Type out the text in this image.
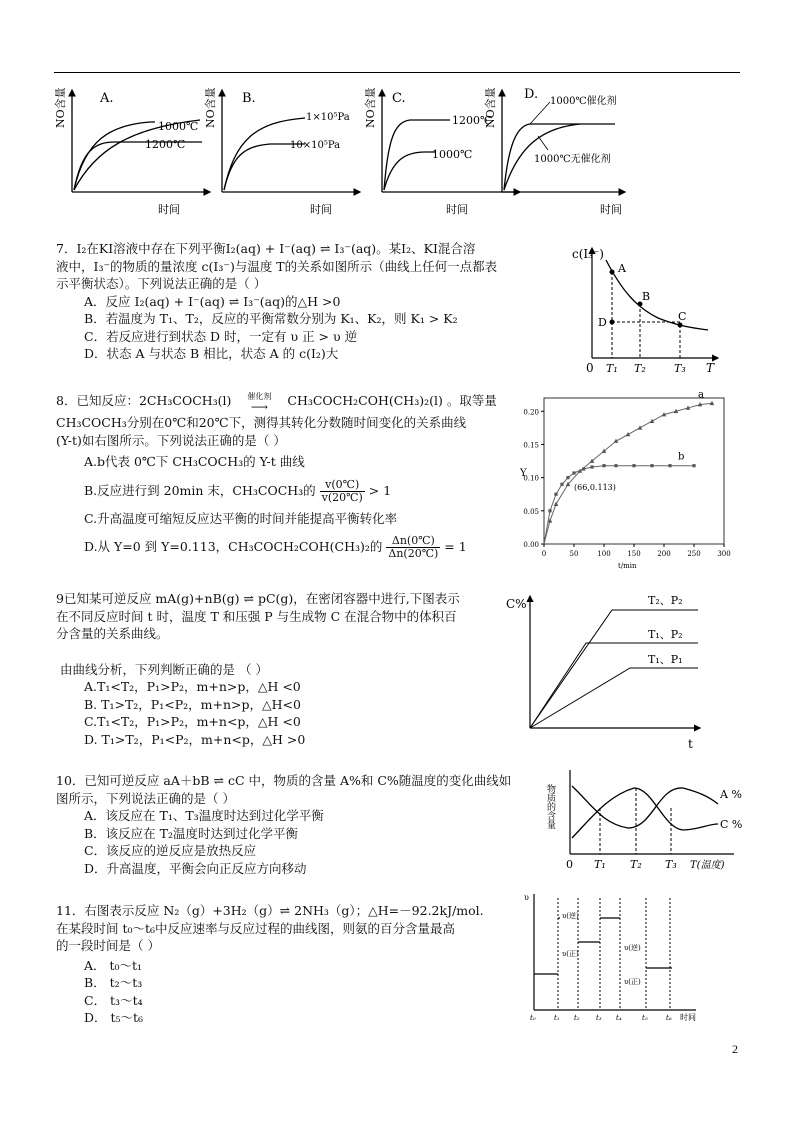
NO含量	A.
1000℃
1200℃
时间
NO含量 B.
1×10⁵Pa
10×10⁵Pa
时间
NO含量 C.
1200℃
1000℃
时间
NO含量 D. 1000℃催化剂
1000℃无催化剂
时间

7．I₂在KI溶液中存在下列平衡I₂(aq) + I⁻(aq) ⇌ I₃⁻(aq)。某I₂、KI混合溶

液中，I₃⁻的物质的量浓度 c(I₃⁻)与温度 T的关系如图所示（曲线上任何一点都表

示平衡状态）。下列说法正确的是（ ）

A．反应 I₂(aq) + I⁻(aq) ⇌ I₃⁻(aq)的△H >0

B．若温度为 T₁、T₂，反应的平衡常数分别为 K₁、K₂，则 K₁ > K₂

C．若反应进行到状态 D 时，一定有 υ 正 > υ 逆

D．状态 A 与状态 B 相比，状态 A 的 c(I₂)大

c(I₃⁻)
0	T
A
B
C
D
T₁ T₂	T₃

8．已知反应：2CH₃COCH₃(l) 催化剂
⟶ CH₃COCH₂COH(CH₃)₂(l) 。取等量

CH₃COCH₃分别在0℃和20℃下，测得其转化分数随时间变化的关系曲线

(Y-t)如右图所示。下列说法正确的是（ ）

A.b代表 0℃下 CH₃COCH₃的 Y-t 曲线

B.反应进行到 20min 末，CH₃COCH₃的 $\frac{v(0℃)}{v(20℃)} > 1$

C.升高温度可缩短反应达平衡的时间并能提高平衡转化率

D.从 Y=0 到 Y=0.113，CH₃COCH₂COH(CH₃)₂的 $\frac{\Delta n(0℃)}{\Delta n(20℃)} = 1$	0	50	100 150 200 250 300
0.00
0.05
0.10
0.15
0.20
a
b
(66,0.113)
Y
t/min

9已知某可逆反应 mA(g)+nB(g) ⇌ pC(g)，在密闭容器中进行,下图表示

在不同反应时间 t 时，温度 T 和压强 P 与生成物 C 在混合物中的体积百

分含量的关系曲线。

由曲线分析，下列判断正确的是 （ ）

A.T₁<T₂，P₁>P₂，m+n>p，△H <0

B. T₁>T₂，P₁<P₂，m+n>p，△H<0

C.T₁<T₂，P₁>P₂，m+n<p，△H <0

D. T₁>T₂，P₁<P₂，m+n<p，△H >0

C%
t
T₂、P₂
T₁、P₂
T₁、P₁

10．已知可逆反应 aA＋bB ⇌ cC 中，物质的含量 A%和 C%随温度的变化曲线如

图所示，下列说法正确的是（ ）

A．该反应在 T₁、T₃温度时达到过化学平衡

B．该反应在 T₂温度时达到过化学平衡

C．该反应的逆反应是放热反应

D．升高温度，平衡会向正反应方向移动

物质的含量
0 T₁ T₂ T₃ T(温度)
A %
C %

11．右图表示反应 N₂（g）+3H₂（g）⇌ 2NH₃（g）；△H=－92.2kJ/mol.

在某段时间 t₀～t₆中反应速率与反应过程的曲线图，则氨的百分含量最高

的一段时间是（ ）

A． t₀～t₁

B． t₂～t₃

C． t₃～t₄

D． t₅～t₆

υ
υ(逆)
υ(正)
υ(逆)
υ(正)
t₀	t₁ t₂ t₃ t₄	t₅	t₆ 时间
2
